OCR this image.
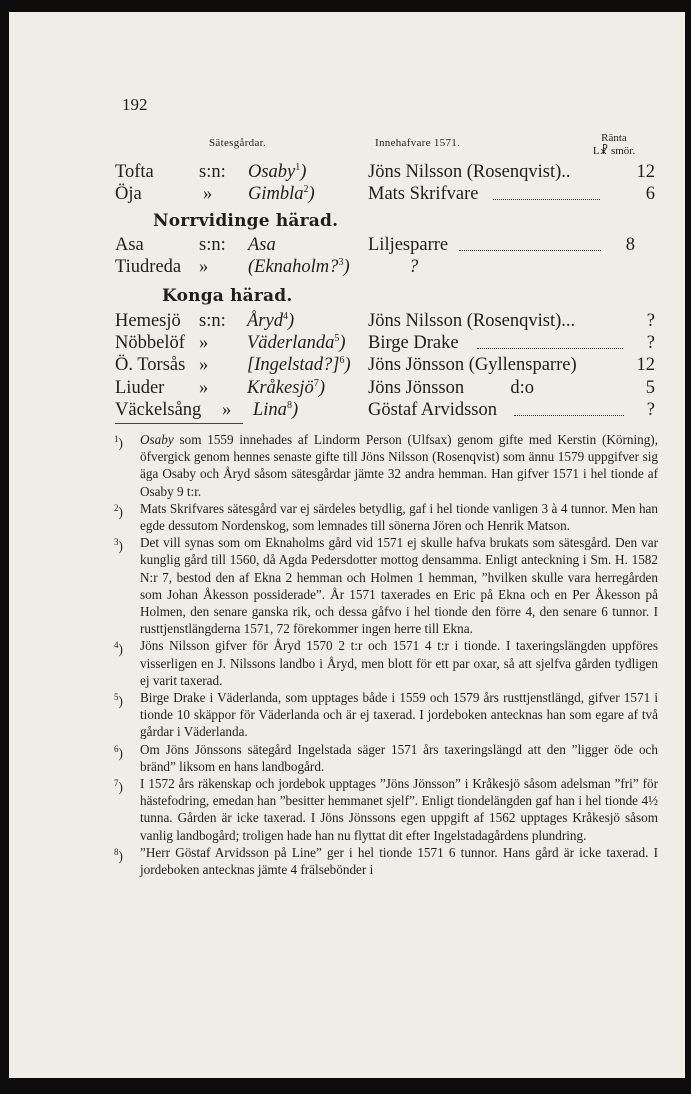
192
Sätesgårdar.	Innehafvare 1571.	Ränta
L☧ smör.
Tofta s:n: Osaby$^1$)	Jöns Nilsson (Rosenqvist)..	12
Öja	» Gimbla$^2$)	Mats Skrifvare	6
Norrvidinge härad.
Asa	s:n: Asa	Liljesparre	8
Tiudreda » (Eknaholm?$^3$)	?
Konga härad.
Hemesjö s:n: Åryd$^4$)	Jöns Nilsson (Rosenqvist)...	?
Nöbbelöf » Väderlanda$^5$) Birge Drake	?
Ö. Torsås » [Ingelstad?]$^6$) Jöns Jönsson (Gyllensparre)	12
Liuder » Kråkesjö$^7$) Jöns Jönsson          d:o	5
Väckelsång » Lina$^8$)	Göstaf Arvidsson	?
$^1$) Osaby som 1559 innehades af Lindorm Person (Ulfsax) genom gifte med Kerstin (Körning), öfvergick genom hennes senaste gifte till Jöns Nilsson (Rosenqvist) som ännu 1579 uppgifver sig äga Osaby och Åryd såsom sätesgårdar jämte 32 andra hemman. Han gifver 1571 i hel tionde af Osaby 9 t:r.
$^2$) Mats Skrifvares sätesgård var ej särdeles betydlig, gaf i hel tionde vanligen 3 à 4 tunnor. Men han egde dessutom Nordenskog, som lemnades till sönerna Jören och Henrik Matson.
$^3$) Det vill synas som om Eknaholms gård vid 1571 ej skulle hafva brukats som sätesgård. Den var kunglig gård till 1560, då Agda Pedersdotter mottog densamma. Enligt anteckning i Sm. H. 1582 N:r 7, bestod den af Ekna 2 hemman och Holmen 1 hemman, ”hvilken skulle vara herregården som Johan Åkesson possiderade”. År 1571 taxerades en Eric på Ekna och en Per Åkesson på Holmen, den senare ganska rik, och dessa gåfvo i hel tionde den förre 4, den senare 6 tunnor. I rusttjenstlängderna 1571, 72 förekommer ingen herre till Ekna.
$^4$) Jöns Nilsson gifver för Åryd 1570 2 t:r och 1571 4 t:r i tionde. I taxeringslängden uppföres visserligen en J. Nilssons landbo i Åryd, men blott för ett par oxar, så att sjelfva gården tydligen ej varit taxerad.
$^5$) Birge Drake i Väderlanda, som upptages både i 1559 och 1579 års rusttjenstlängd, gifver 1571 i tionde 10 skäppor för Väderlanda och är ej taxerad. I jordeboken antecknas han som egare af två gårdar i Väderlanda.
$^6$) Om Jöns Jönssons sätegård Ingelstada säger 1571 års taxeringslängd att den ”ligger öde och bränd” liksom en hans landbogård.
$^7$) I 1572 års räkenskap och jordebok upptages ”Jöns Jönsson” i Kråkesjö såsom adelsman ”fri” för hästefodring, emedan han ”besitter hemmanet sjelf”. Enligt tiondelängden gaf han i hel tionde 4½ tunna. Gården är icke taxerad. I Jöns Jönssons egen uppgift af 1562 upptages Kråkesjö såsom vanlig landbogård; troligen hade han nu flyttat dit efter Ingelstadagårdens plundring.
$^8$) ”Herr Göstaf Arvidsson på Line” ger i hel tionde 1571 6 tunnor. Hans gård är icke taxerad. I jordeboken antecknas jämte 4 frälsebönder i
